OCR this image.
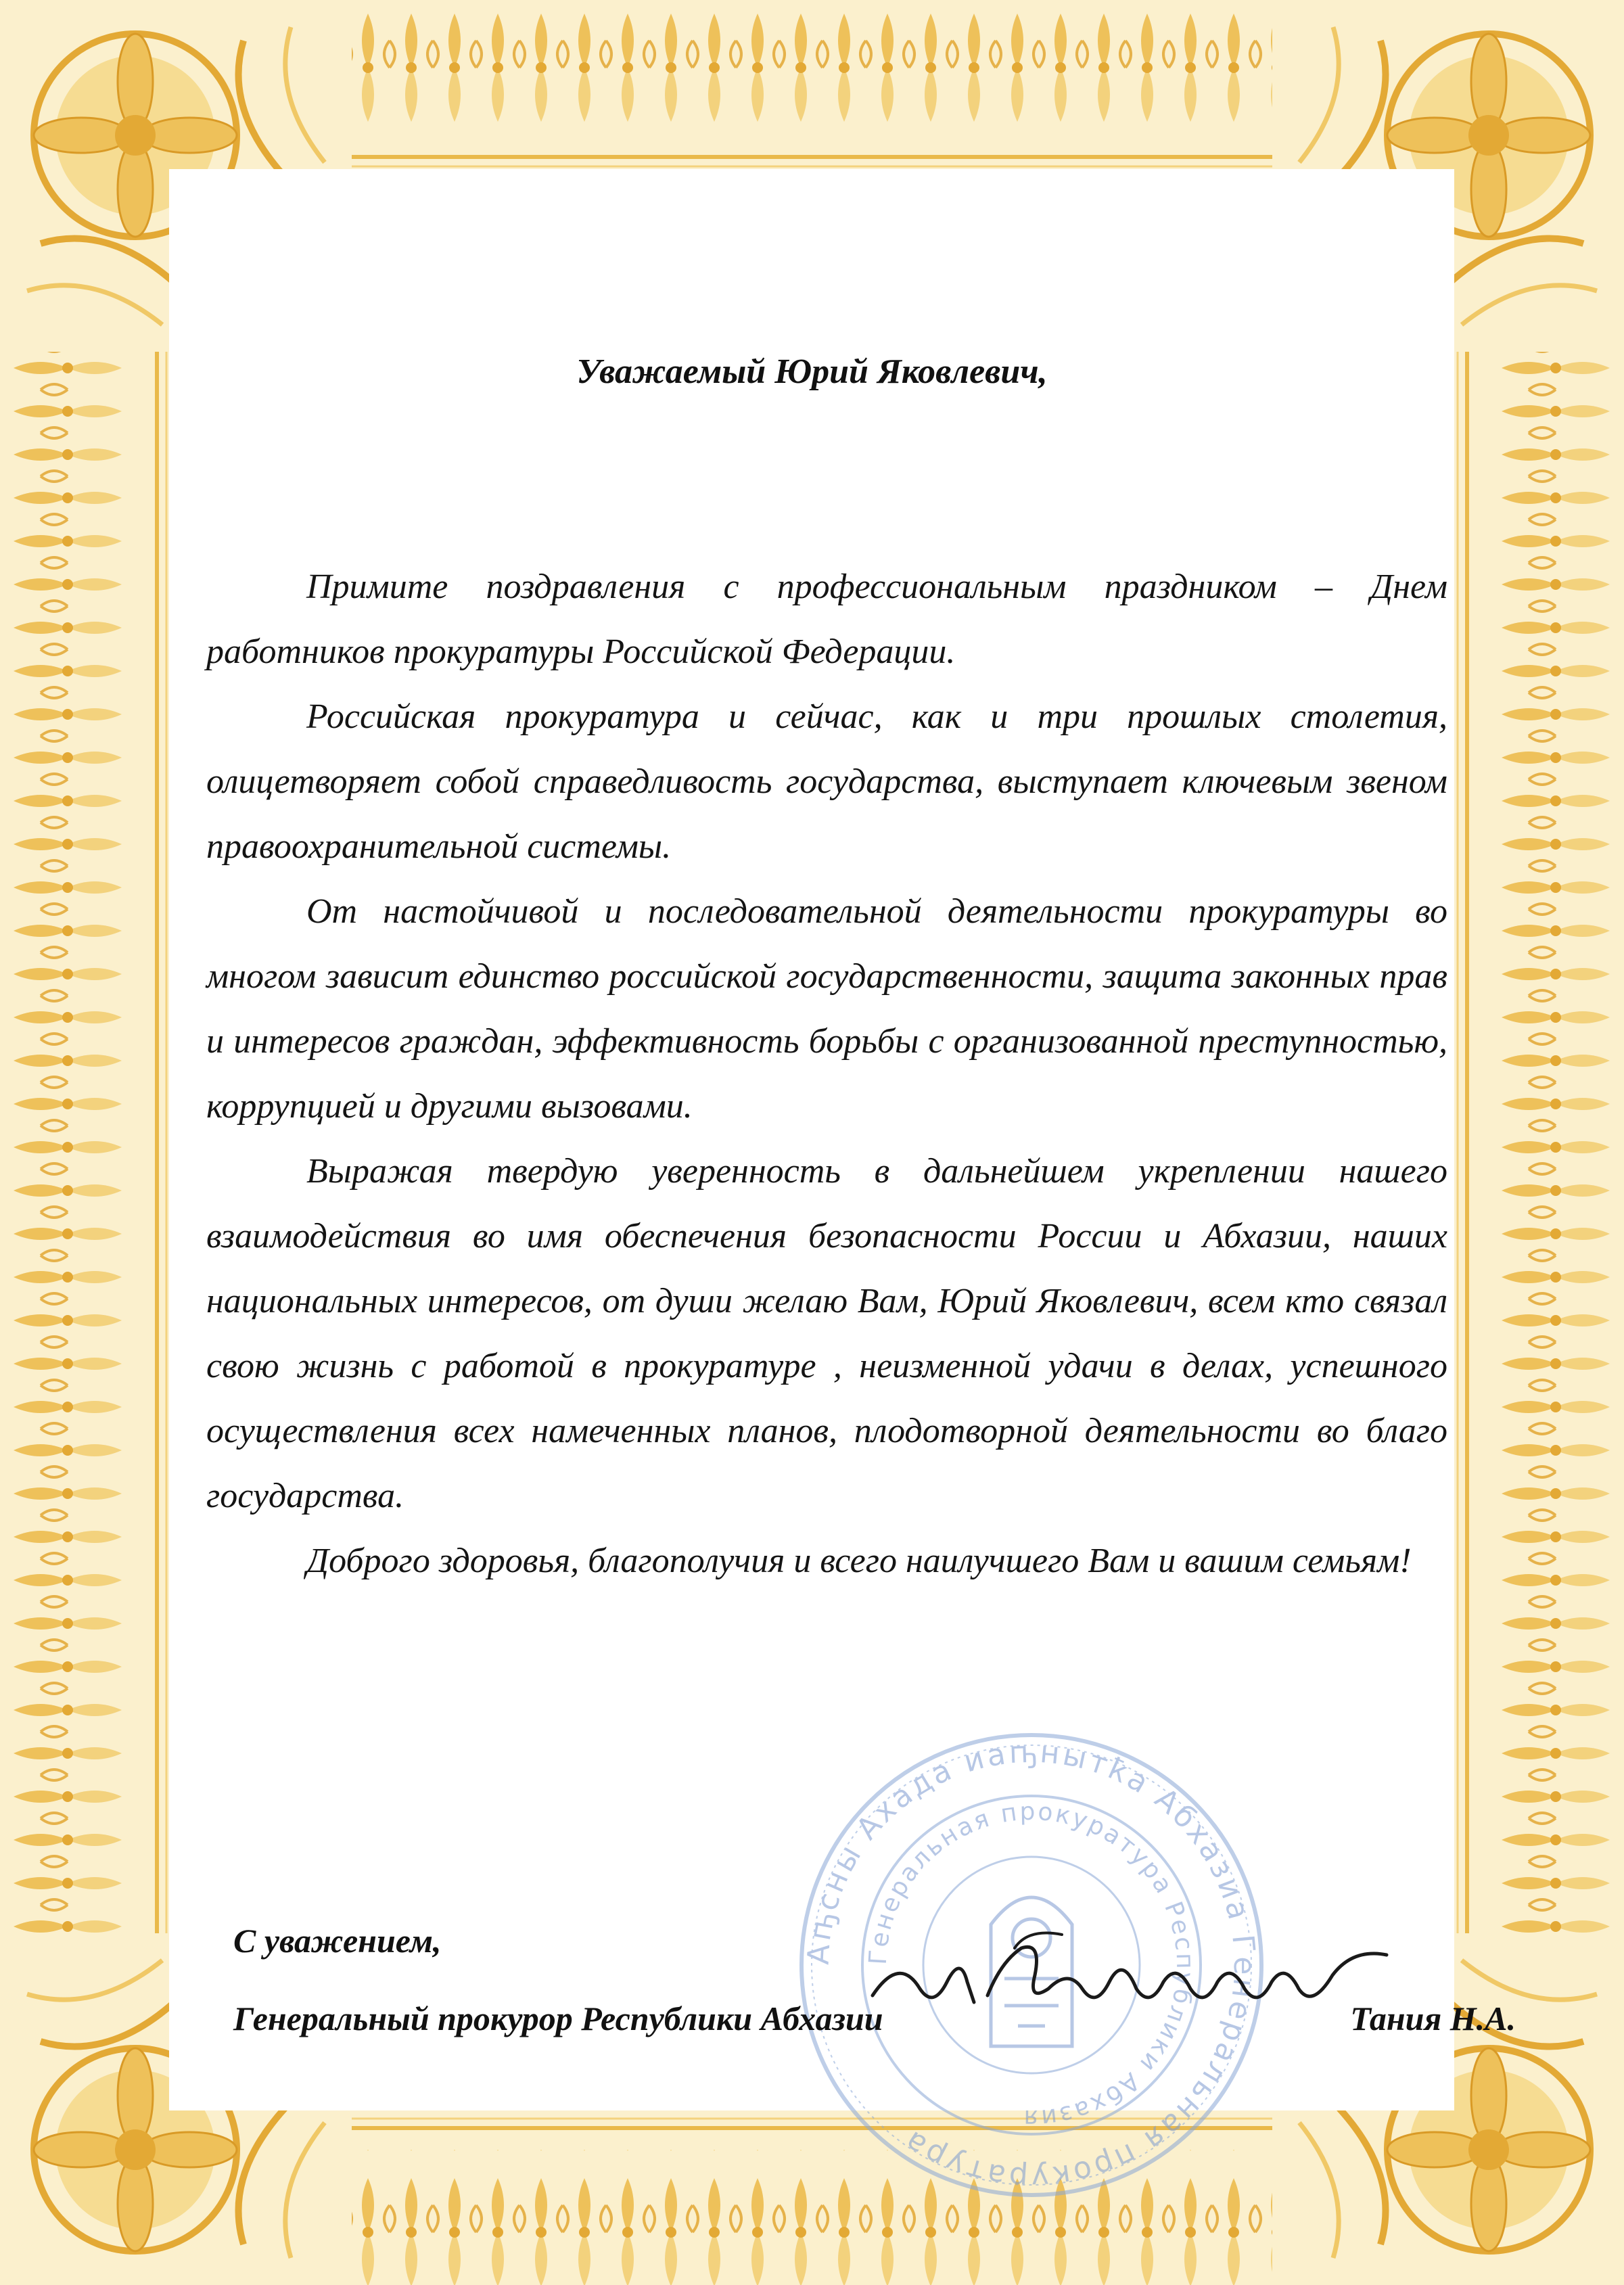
Уважаемый Юрий Яковлевич,

Примите поздравления с профессиональным праздником – Днем работников прокуратуры Российской Федерации.

Российская прокуратура и сейчас, как и три прошлых столетия, олицетворяет собой справедливость государства, выступает ключевым звеном правоохранительной системы.

От настойчивой и последовательной деятельности прокуратуры во многом зависит единство российской государственности, защита законных прав и интересов граждан, эффективность борьбы с организованной преступностью, коррупцией и другими вызовами.

Выражая твердую уверенность в дальнейшем укреплении нашего взаимодействия во имя обеспечения безопасности России и Абхазии, наших национальных интересов, от души желаю Вам, Юрий Яковлевич, всем кто связал свою жизнь с работой в прокуратуре , неизменной удачи в делах, успешного осуществления всех намеченных планов, плодотворной деятельности во благо государства.

Доброго здоровья, благополучия и всего наилучшего Вам и вашим семьям!

Аҧсны Ахада иаҧнытҟа Абхазиа Генеральная прокуратура
Генеральная прокуратура Республики Абхазия
С уважением,
Генеральный прокурор Республики Абхазии	Тания Н.А.
